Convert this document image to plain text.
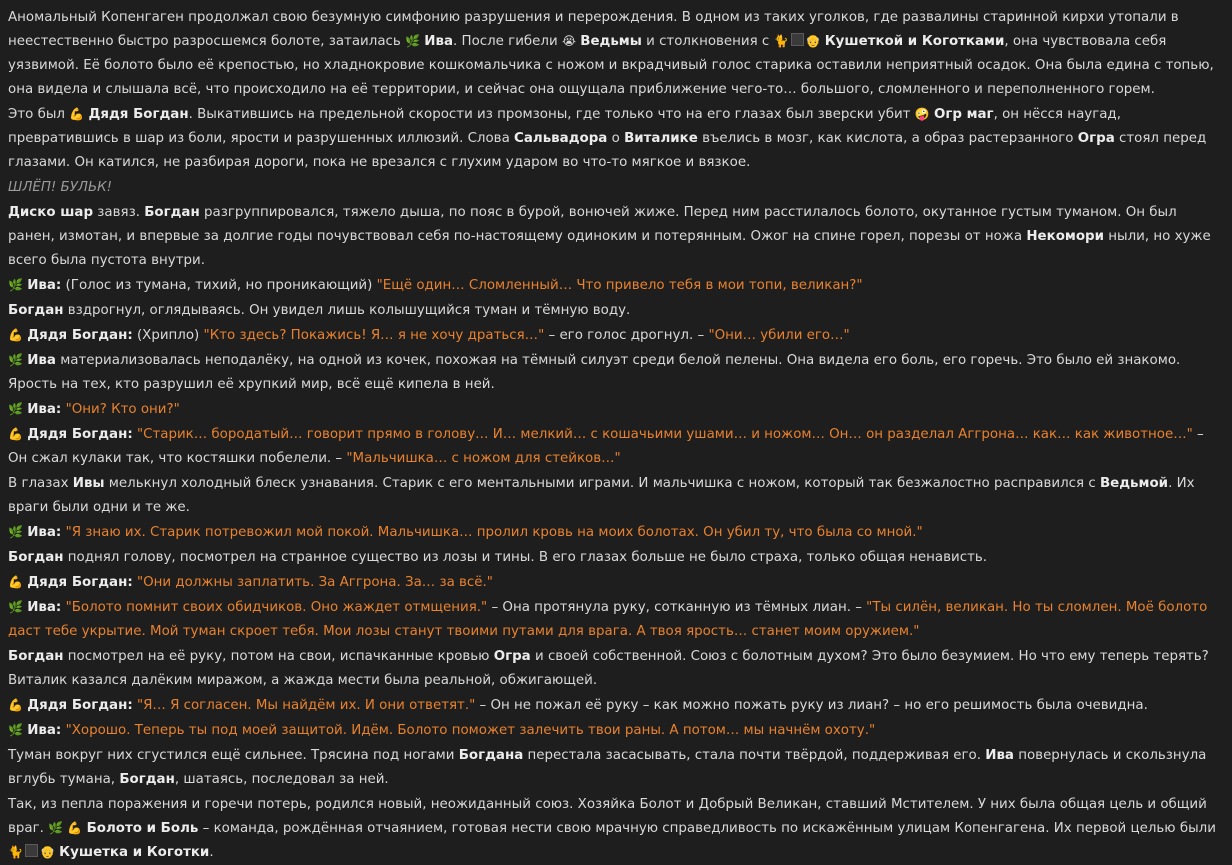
Аномальный Копенгаген продолжал свою безумную симфонию разрушения и перерождения. В одном из таких уголков, где развалины старинной кирхи утопали в неестественно быстро разросшемся болоте, затаилась 🌿 Ива. После гибели 😭 Ведьмы и столкновения с 🐈 👴 Кушеткой и Коготками, она чувствовала себя уязвимой. Её болото было её крепостью, но хладнокровие кошкомальчика с ножом и вкрадчивый голос старика оставили неприятный осадок. Она была едина с топью, она видела и слышала всё, что происходило на её территории, и сейчас она ощущала приближение чего-то… большого, сломленного и переполненного горем.

Это был 💪 Дядя Богдан. Выкатившись на предельной скорости из промзоны, где только что на его глазах был зверски убит 🤪 Огр маг, он нёсся наугад, превратившись в шар из боли, ярости и разрушенных иллюзий. Слова Сальвадора о Виталике въелись в мозг, как кислота, а образ растерзанного Огра стоял перед глазами. Он катился, не разбирая дороги, пока не врезался с глухим ударом во что-то мягкое и вязкое.

ШЛЁП! БУЛЬК!

Диско шар завяз. Богдан разгруппировался, тяжело дыша, по пояс в бурой, вонючей жиже. Перед ним расстилалось болото, окутанное густым туманом. Он был ранен, измотан, и впервые за долгие годы почувствовал себя по-настоящему одиноким и потерянным. Ожог на спине горел, порезы от ножа Некомори ныли, но хуже всего была пустота внутри.

🌿 Ива: (Голос из тумана, тихий, но проникающий) "Ещё один… Сломленный… Что привело тебя в мои топи, великан?"

Богдан вздрогнул, оглядываясь. Он увидел лишь колышущийся туман и тёмную воду.

💪 Дядя Богдан: (Хрипло) "Кто здесь? Покажись! Я… я не хочу драться…" – его голос дрогнул. – "Они… убили его…"

🌿 Ива материализовалась неподалёку, на одной из кочек, похожая на тёмный силуэт среди белой пелены. Она видела его боль, его горечь. Это было ей знакомо. Ярость на тех, кто разрушил её хрупкий мир, всё ещё кипела в ней.

🌿 Ива: "Они? Кто они?"

💪 Дядя Богдан: "Старик… бородатый… говорит прямо в голову… И… мелкий… с кошачьими ушами… и ножом… Он… он разделал Аггрона… как… как животное…" – Он сжал кулаки так, что костяшки побелели. – "Мальчишка… с ножом для стейков…"

В глазах Ивы мелькнул холодный блеск узнавания. Старик с его ментальными играми. И мальчишка с ножом, который так безжалостно расправился с Ведьмой. Их враги были одни и те же.

🌿 Ива: "Я знаю их. Старик потревожил мой покой. Мальчишка… пролил кровь на моих болотах. Он убил ту, что была со мной."

Богдан поднял голову, посмотрел на странное существо из лозы и тины. В его глазах больше не было страха, только общая ненависть.

💪 Дядя Богдан: "Они должны заплатить. За Аггрона. За… за всё."

🌿 Ива: "Болото помнит своих обидчиков. Оно жаждет отмщения." – Она протянула руку, сотканную из тёмных лиан. – "Ты силён, великан. Но ты сломлен. Моё болото даст тебе укрытие. Мой туман скроет тебя. Мои лозы станут твоими путами для врага. А твоя ярость… станет моим оружием."

Богдан посмотрел на её руку, потом на свои, испачканные кровью Огра и своей собственной. Союз с болотным духом? Это было безумием. Но что ему теперь терять? Виталик казался далёким миражом, а жажда мести была реальной, обжигающей.

💪 Дядя Богдан: "Я… Я согласен. Мы найдём их. И они ответят." – Он не пожал её руку – как можно пожать руку из лиан? – но его решимость была очевидна.

🌿 Ива: "Хорошо. Теперь ты под моей защитой. Идём. Болото поможет залечить твои раны. А потом… мы начнём охоту."

Туман вокруг них сгустился ещё сильнее. Трясина под ногами Богдана перестала засасывать, стала почти твёрдой, поддерживая его. Ива повернулась и скользнула вглубь тумана, Богдан, шатаясь, последовал за ней.

Так, из пепла поражения и горечи потерь, родился новый, неожиданный союз. Хозяйка Болот и Добрый Великан, ставший Мстителем. У них была общая цель и общий враг. 🌿 💪 Болото и Боль – команда, рождённая отчаянием, готовая нести свою мрачную справедливость по искажённым улицам Копенгагена. Их первой целью были 🐈 👴 Кушетка и Коготки.
